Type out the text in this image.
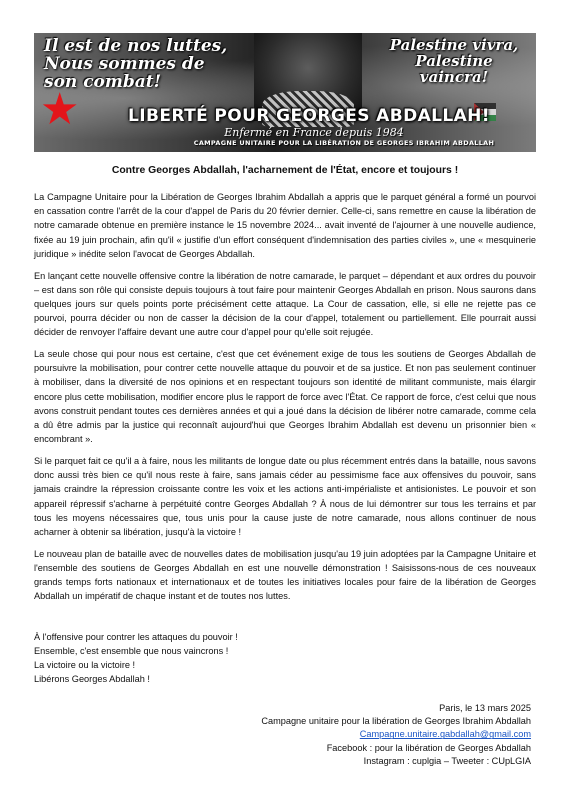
★
Il est de nos luttes,
Nous sommes de
son combat!
Palestine vivra,
Palestine
vaincra!
LIBERTÉ POUR GEORGES ABDALLAH!
Enfermé en France depuis 1984
CAMPAGNE UNITAIRE POUR LA LIBÉRATION DE GEORGES IBRAHIM ABDALLAH
Contre Georges Abdallah, l'acharnement de l'État, encore et toujours !

La Campagne Unitaire pour la Libération de Georges Ibrahim Abdallah a appris que le parquet général a formé un pourvoi en cassation contre l'arrêt de la cour d'appel de Paris du 20 février dernier. Celle-ci, sans remettre en cause la libération de notre camarade obtenue en première instance le 15 novembre 2024... avait inventé de l'ajourner à une nouvelle audience, fixée au 19 juin prochain, afin qu'il « justifie d'un effort conséquent d'indemnisation des parties civiles », une « mesquinerie juridique » inédite selon l'avocat de Georges Abdallah.

En lançant cette nouvelle offensive contre la libération de notre camarade, le parquet – dépendant et aux ordres du pouvoir – est dans son rôle qui consiste depuis toujours à tout faire pour maintenir Georges Abdallah en prison. Nous saurons dans quelques jours sur quels points porte précisément cette attaque. La Cour de cassation, elle, si elle ne rejette pas ce pourvoi, pourra décider ou non de casser la décision de la cour d'appel, totalement ou partiellement. Elle pourrait aussi décider de renvoyer l'affaire devant une autre cour d'appel pour qu'elle soit rejugée.

La seule chose qui pour nous est certaine, c'est que cet événement exige de tous les soutiens de Georges Abdallah de poursuivre la mobilisation, pour contrer cette nouvelle attaque du pouvoir et de sa justice. Et non pas seulement continuer à mobiliser, dans la diversité de nos opinions et en respectant toujours son identité de militant communiste, mais élargir encore plus cette mobilisation, modifier encore plus le rapport de force avec l'État. Ce rapport de force, c'est celui que nous avons construit pendant toutes ces dernières années et qui a joué dans la décision de libérer notre camarade, comme cela a dû être admis par la justice qui reconnaît aujourd'hui que Georges Ibrahim Abdallah est devenu un prisonnier bien « encombrant ».

Si le parquet fait ce qu'il a à faire, nous les militants de longue date ou plus récemment entrés dans la bataille, nous savons donc aussi très bien ce qu'il nous reste à faire, sans jamais céder au pessimisme face aux offensives du pouvoir, sans jamais craindre la répression croissante contre les voix et les actions anti-impérialiste et antisionistes. Le pouvoir et son appareil répressif s'acharne à perpétuité contre Georges Abdallah ? À nous de lui démontrer sur tous les terrains et par tous les moyens nécessaires que, tous unis pour la cause juste de notre camarade, nous allons continuer de nous acharner à obtenir sa libération, jusqu'à la victoire !

Le nouveau plan de bataille avec de nouvelles dates de mobilisation jusqu'au 19 juin adoptées par la Campagne Unitaire et l'ensemble des soutiens de Georges Abdallah en est une nouvelle démonstration ! Saisissons-nous de ces nouveaux grands temps forts nationaux et internationaux et de toutes les initiatives locales pour faire de la libération de Georges Abdallah un impératif de chaque instant et de toutes nos luttes.

À l'offensive pour contrer les attaques du pouvoir !
Ensemble, c'est ensemble que nous vaincrons !
La victoire ou la victoire !
Libérons Georges Abdallah !
Paris, le 13 mars 2025
Campagne unitaire pour la libération de Georges Ibrahim Abdallah
Campagne.unitaire.gabdallah@gmail.com
Facebook : pour la libération de Georges Abdallah
Instagram : cuplgia – Tweeter : CUpLGIA
